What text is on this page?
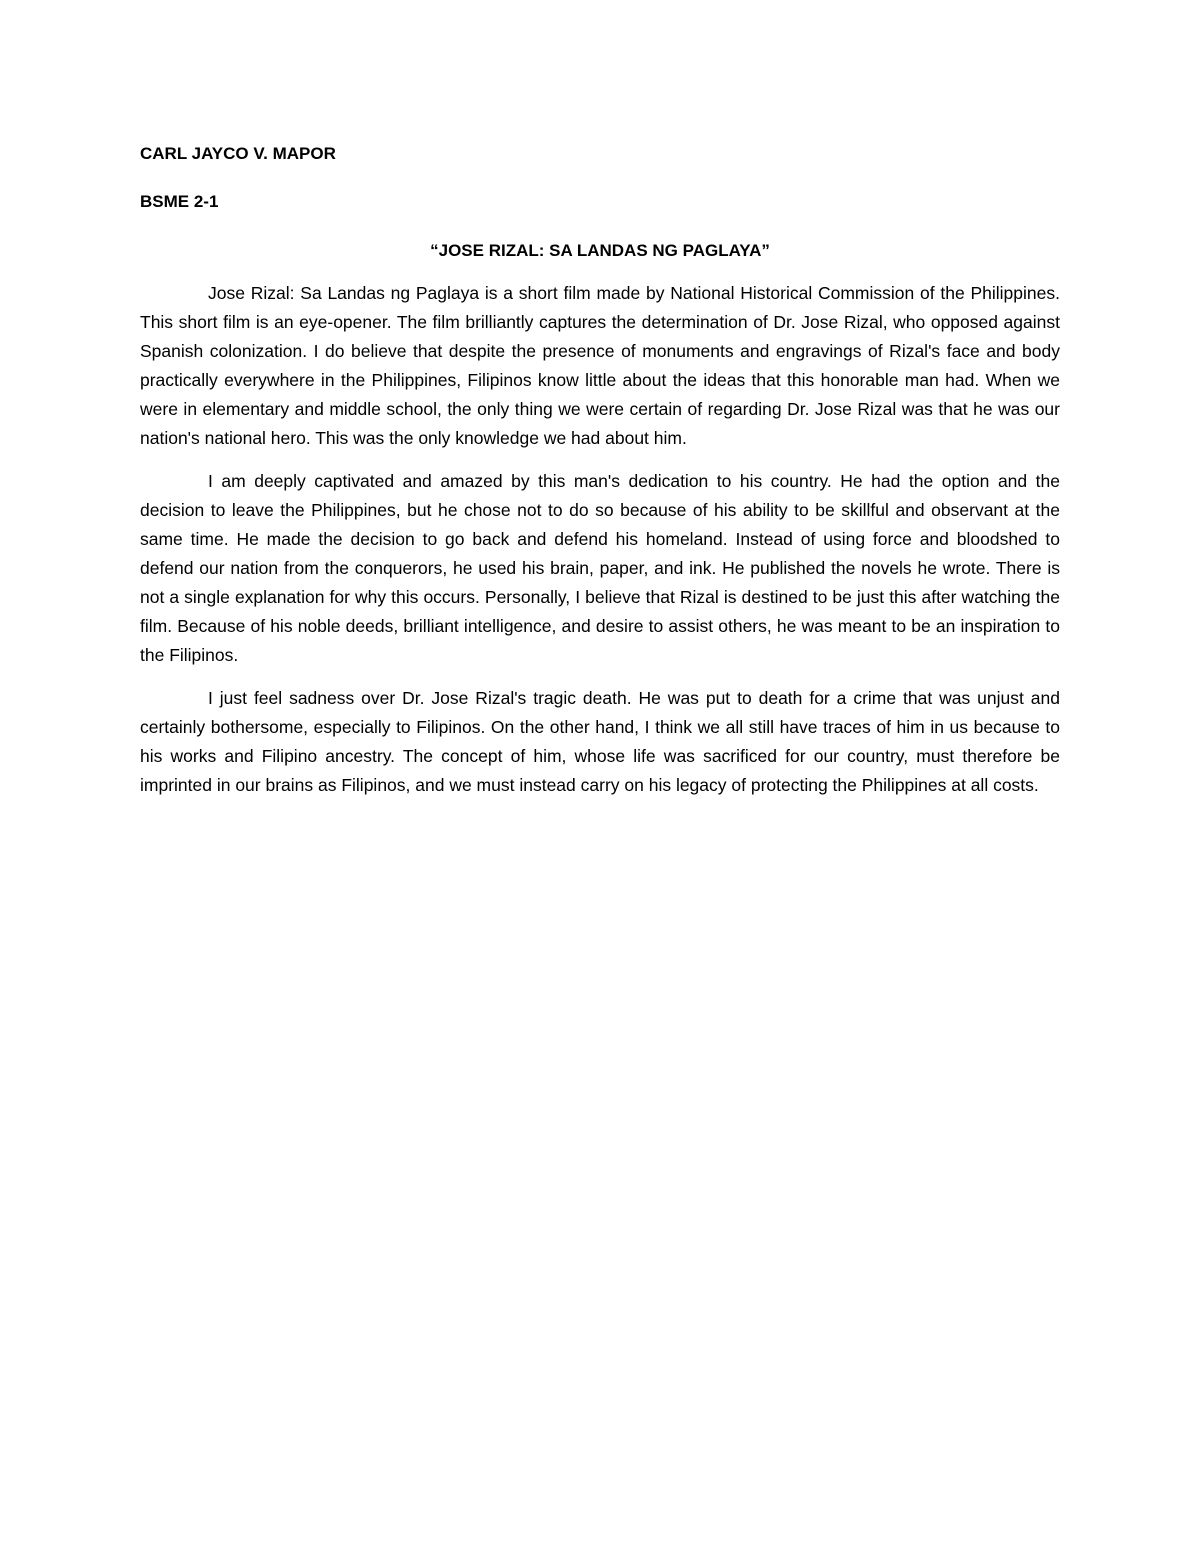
CARL JAYCO V. MAPOR

BSME 2-1

“JOSE RIZAL: SA LANDAS NG PAGLAYA”

Jose Rizal: Sa Landas ng Paglaya is a short film made by National Historical Commission of the Philippines. This short film is an eye-opener. The film brilliantly captures the determination of Dr. Jose Rizal, who opposed against Spanish colonization. I do believe that despite the presence of monuments and engravings of Rizal's face and body practically everywhere in the Philippines, Filipinos know little about the ideas that this honorable man had. When we were in elementary and middle school, the only thing we were certain of regarding Dr. Jose Rizal was that he was our nation's national hero. This was the only knowledge we had about him.

I am deeply captivated and amazed by this man's dedication to his country. He had the option and the decision to leave the Philippines, but he chose not to do so because of his ability to be skillful and observant at the same time. He made the decision to go back and defend his homeland. Instead of using force and bloodshed to defend our nation from the conquerors, he used his brain, paper, and ink. He published the novels he wrote. There is not a single explanation for why this occurs. Personally, I believe that Rizal is destined to be just this after watching the film. Because of his noble deeds, brilliant intelligence, and desire to assist others, he was meant to be an inspiration to the Filipinos.

I just feel sadness over Dr. Jose Rizal's tragic death. He was put to death for a crime that was unjust and certainly bothersome, especially to Filipinos. On the other hand, I think we all still have traces of him in us because to his works and Filipino ancestry. The concept of him, whose life was sacrificed for our country, must therefore be imprinted in our brains as Filipinos, and we must instead carry on his legacy of protecting the Philippines at all costs.
